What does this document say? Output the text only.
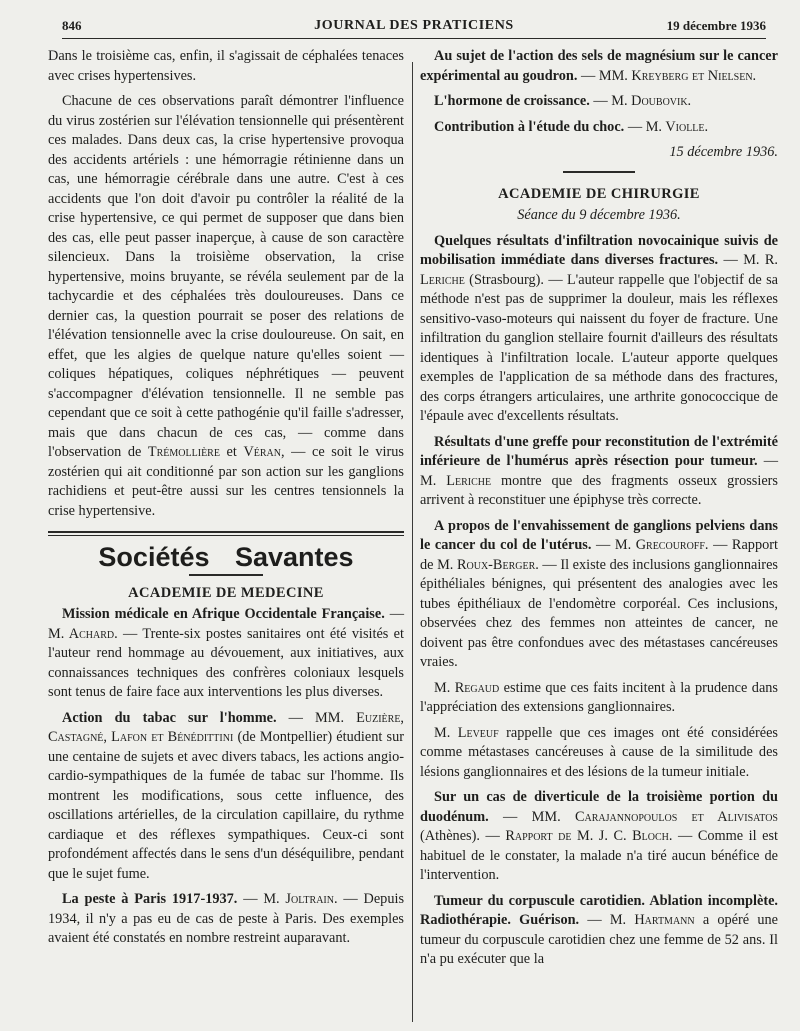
846	JOURNAL DES PRATICIENS	19 décembre 1936

Dans le troisième cas, enfin, il s'agissait de céphalées tenaces avec crises hypertensives.

Chacune de ces observations paraît démontrer l'influence du virus zostérien sur l'élévation tensionnelle qui présentèrent ces malades. Dans deux cas, la crise hypertensive provoqua des accidents artériels : une hémorragie rétinienne dans un cas, une hémorragie cérébrale dans une autre. C'est à ces accidents que l'on doit d'avoir pu contrôler la réalité de la crise hypertensive, ce qui permet de supposer que dans bien des cas, elle peut passer inaperçue, à cause de son caractère silencieux. Dans la troisième observation, la crise hypertensive, moins bruyante, se révéla seulement par de la tachycardie et des céphalées très douloureuses. Dans ce dernier cas, la question pourrait se poser des relations de l'élévation tensionnelle avec la crise douloureuse. On sait, en effet, que les algies de quelque nature qu'elles soient — coliques hépatiques, coliques néphrétiques — peuvent s'accompagner d'élévation tensionnelle. Il ne semble pas cependant que ce soit à cette pathogénie qu'il faille s'adresser, mais que dans chacun de ces cas, — comme dans l'observation de Trémollière et Véran, — ce soit le virus zostérien qui ait conditionné par son action sur les ganglions rachidiens et peut-être aussi sur les centres tensionnels la crise hypertensive.

Sociétés Savantes
ACADEMIE DE MEDECINE

Mission médicale en Afrique Occidentale Française. — M. Achard. — Trente-six postes sanitaires ont été visités et l'auteur rend hommage au dévouement, aux initiatives, aux connaissances techniques des confrères coloniaux lesquels sont tenus de faire face aux interventions les plus diverses.

Action du tabac sur l'homme. — MM. Euzière, Castagné, Lafon et Bénédittini (de Montpellier) étudient sur une centaine de sujets et avec divers tabacs, les actions angio-cardio-sympathiques de la fumée de tabac sur l'homme. Ils montrent les modifications, sous cette influence, des oscillations artérielles, de la circulation capillaire, du rythme cardiaque et des réflexes sympathiques. Ceux-ci sont profondément affectés dans le sens d'un déséquilibre, pendant que le sujet fume.

La peste à Paris 1917-1937. — M. Joltrain. — Depuis 1934, il n'y a pas eu de cas de peste à Paris. Des exemples avaient été constatés en nombre restreint auparavant.

Au sujet de l'action des sels de magnésium sur le cancer expérimental au goudron. — MM. Kreyberg et Nielsen.

L'hormone de croissance. — M. Doubovik.

Contribution à l'étude du choc. — M. Violle.

15 décembre 1936.

ACADEMIE DE CHIRURGIE
Séance du 9 décembre 1936.

Quelques résultats d'infiltration novocainique suivis de mobilisation immédiate dans diverses fractures. — M. R. Leriche (Strasbourg). — L'auteur rappelle que l'objectif de sa méthode n'est pas de supprimer la douleur, mais les réflexes sensitivo-vaso-moteurs qui naissent du foyer de fracture. Une infiltration du ganglion stellaire fournit d'ailleurs des résultats identiques à l'infiltration locale. L'auteur apporte quelques exemples de l'application de sa méthode dans des fractures, des corps étrangers articulaires, une arthrite gonococcique de l'épaule avec d'excellents résultats.

Résultats d'une greffe pour reconstitution de l'extrémité inférieure de l'humérus après résection pour tumeur. — M. Leriche montre que des fragments osseux grossiers arrivent à reconstituer une épiphyse très correcte.

A propos de l'envahissement de ganglions pelviens dans le cancer du col de l'utérus. — M. Grecouroff. — Rapport de M. Roux-Berger. — Il existe des inclusions ganglionnaires épithéliales bénignes, qui présentent des analogies avec les tubes épithéliaux de l'endomètre corporéal. Ces inclusions, observées chez des femmes non atteintes de cancer, ne doivent pas être confondues avec des métastases cancéreuses vraies.

M. Regaud estime que ces faits incitent à la prudence dans l'appréciation des extensions ganglionnaires.

M. Leveuf rappelle que ces images ont été considérées comme métastases cancéreuses à cause de la similitude des lésions ganglionnaires et des lésions de la tumeur initiale.

Sur un cas de diverticule de la troisième portion du duodénum. — MM. Carajannopoulos et Alivisatos (Athènes). — Rapport de M. J. C. Bloch. — Comme il est habituel de le constater, la malade n'a tiré aucun bénéfice de l'intervention.

Tumeur du corpuscule carotidien. Ablation incomplète. Radiothérapie. Guérison. — M. Hartmann a opéré une tumeur du corpuscule carotidien chez une femme de 52 ans. Il n'a pu exécuter que la
